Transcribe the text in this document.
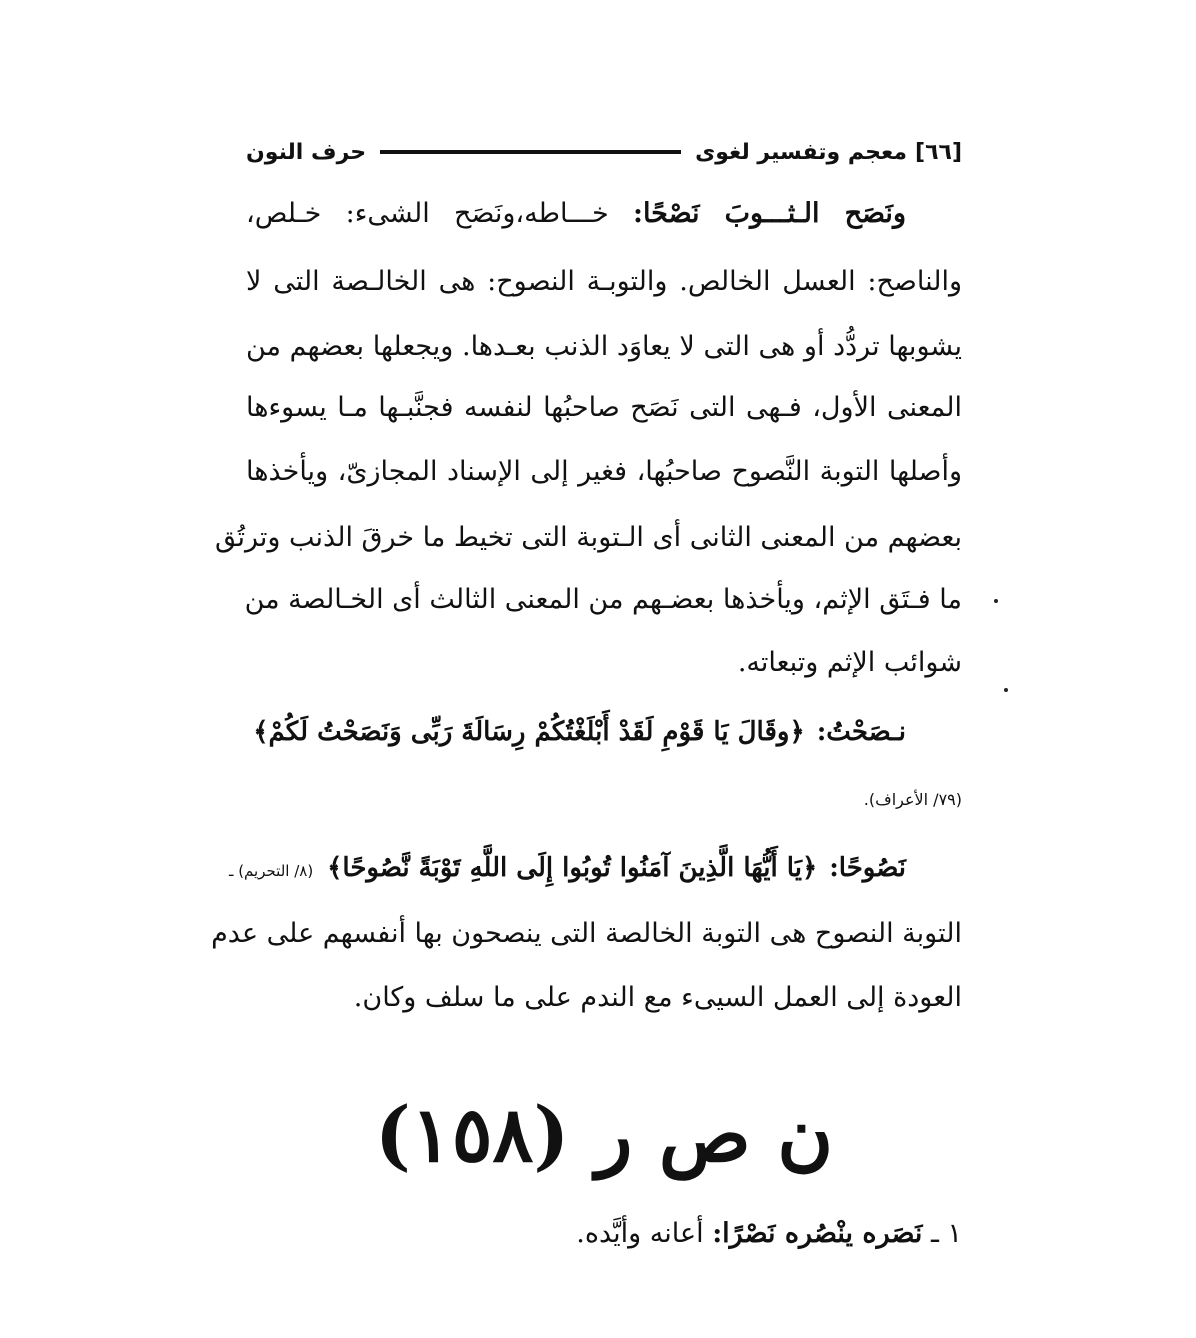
[٦٦]
معجم وتفسير لغوى
حرف النون
ونَصَح الـثـــوبَ نَصْحًا: خـــاطه،ونَصَح الشىء: خـلص،
والناصح: العسل الخالص. والتوبـة النصوح: هى الخالـصة التى لا
يشوبها تردُّد أو هى التى لا يعاوَد الذنب بعـدها. ويجعلها بعضهم من
المعنى الأول، فـهى التى نَصَح صاحبُها لنفسه فجنَّبـها مـا يسوءها
وأصلها التوبة النَّصوح صاحبُها، فغير إلى الإسناد المجازىّ، ويأخذها
بعضهم من المعنى الثانى أى الـتوبة التى تخيط ما خرقَ الذنب وترتُق
ما فـتَق الإثم، ويأخذها بعضـهم من المعنى الثالث أى الخـالصة من
شوائب الإثم وتبعاته.
نـصَحْتُ:﴿وقَالَ يَا قَوْمِ لَقَدْ أَبْلَغْتُكُمْ رِسَالَةَ رَبِّى وَنَصَحْتُ لَكُمْ﴾
(٧٩/ الأعراف).
نَصُوحًا:﴿يَا أَيُّهَا الَّذِينَ آمَنُوا تُوبُوا إِلَى اللَّهِ تَوْبَةً نَّصُوحًا﴾(٨/ التحريم) ـ
التوبة النصوح هى التوبة الخالصة التى ينصحون بها أنفسهم على عدم
العودة إلى العمل السيىء مع الندم على ما سلف وكان.
ن ص ر (١٥٨)
١ ـ نَصَره ينْصُره نَصْرًا: أعانه وأيَّده.
